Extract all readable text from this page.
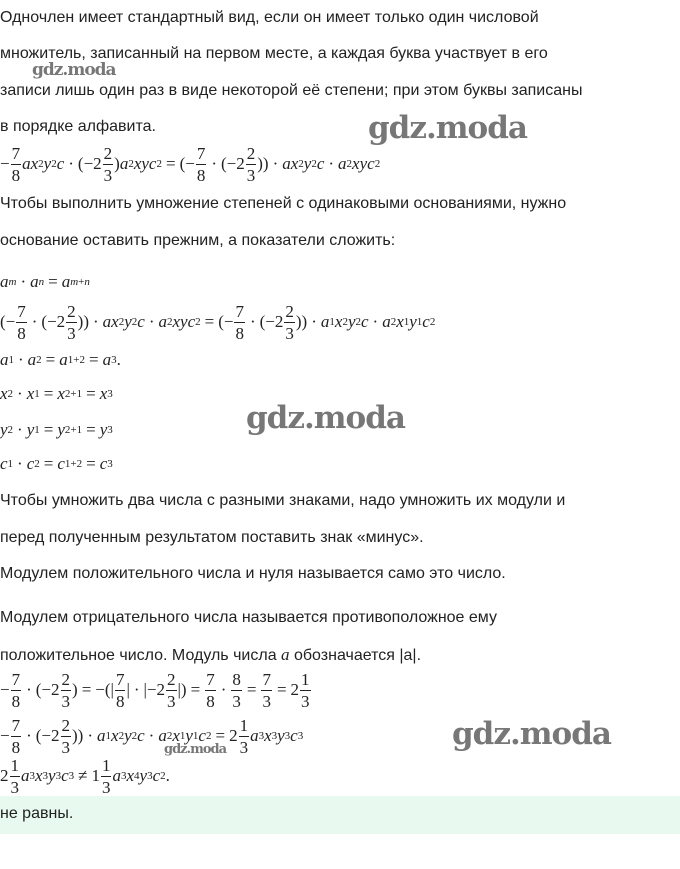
Одночлен имеет стандартный вид, если он имеет только один числовой
множитель, записанный на первом месте, а каждая буква участвует в его
записи лишь один раз в виде некоторой её степени; при этом буквы записаны
в порядке алфавита.
−
7
8
ax 2 y 2 c · (−2
2
3
) a 2 xyc 2 = (− $\frac{7}{8} \cdot (-2$
2
3
)) · ax 2 y 2 c · a 2 xyc 2
Чтобы выполнить умножение степеней с одинаковыми основаниями, нужно
основание оставить прежним, а показатели сложить:
a m · a n = a m+n
(−
7
8
· (−2
2
3
)) · ax 2 y 2 c · a 2 xyc 2 = (− $\frac{7}{8} \cdot (-2$
2
3
)) · a 1 x 2 y 2 c · a 2 x 1 y 1 c 2
a 1 · a 2 = a 1+2 = a 3 .
x 2 · x 1 = x 2+1 = x 3
y 2 · y 1 = y 2+1 = y 3
c 1 · c 2 = c 1+2 = c 3
Чтобы умножить два числа с разными знаками, надо умножить их модули и
перед полученным результатом поставить знак «минус».
Модулем положительного числа и нуля называется само это число.
Модулем отрицательного числа называется противоположное ему
положительное число. Модуль числа a обозначается |a|.
−
7
8
· ($-2 \frac{2}{3}$ ) = −(| $\frac{7}{8}$ | · $|-2 \frac{2}{3}$ |) = $\frac{7}{8} \cdot \frac{8}{3} = \frac{7}{3} = 2 \frac{1}{3}$
−
7
8
· (−2
2
3
)) · a 1 x 2 y 2 c · a 2 x 1 y 1 c $2 = 2 \frac{1}{3}$ a 3 x 3 y 3 c 3
2
1
3
a 3 x 3 y 3 c 3 ≠ 1
1
3
a 3 x 4 y 3 c 2 .
не равны.
gdz.moda
gdz.moda
gdz.moda
gdz.moda
gdz.moda
